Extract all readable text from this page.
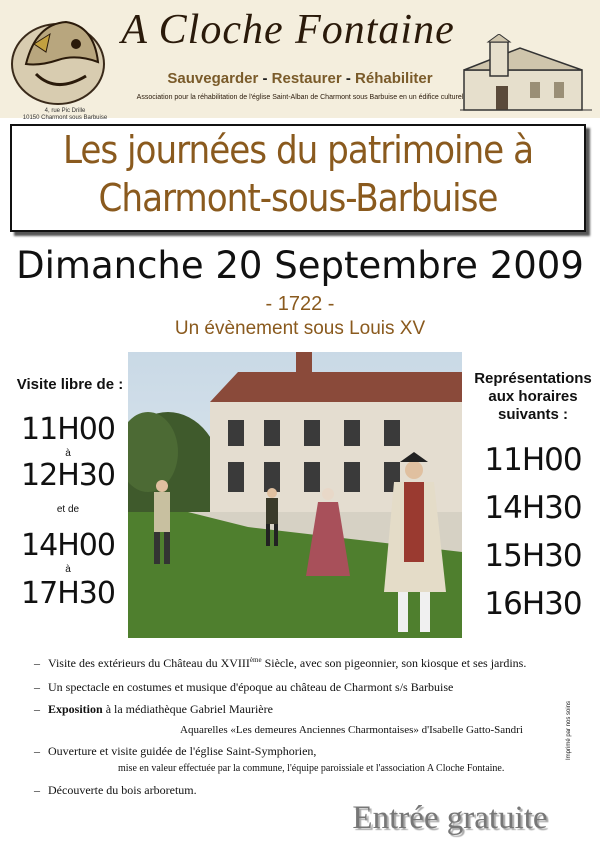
A Cloche Fontaine
Sauvegarder - Restaurer - Réhabiliter
Association pour la réhabilitation de l'église Saint-Alban de Charmont sous Barbuise en un édifice culturel
4, rue Pic Drille
10150 Charmont sous Barbuise
Les journées du patrimoine à
Charmont-sous-Barbuise
Dimanche 20 Septembre 2009
- 1722 -
Un évènement sous Louis XV
Visite libre de :
11H00
à
12H30
et de
14H00
à
17H30
Représentations
aux horaires
suivants :
11H00
14H30
15H30
16H30
– Visite des extérieurs du Château du XVIIIème Siècle, avec son pigeonnier, son kiosque et ses jardins.
– Un spectacle en costumes et musique d'époque au château de Charmont s/s Barbuise
– Exposition à la médiathèque Gabriel Maurière
Aquarelles «Les demeures Anciennes Charmontaises» d'Isabelle Gatto-Sandri
– Ouverture et visite guidée de l'église Saint-Symphorien,
mise en valeur effectuée par la commune, l'équipe paroissiale et l'association A Cloche Fontaine.
– Découverte du bois arboretum.
Imprimé par nos soins
Entrée gratuite
